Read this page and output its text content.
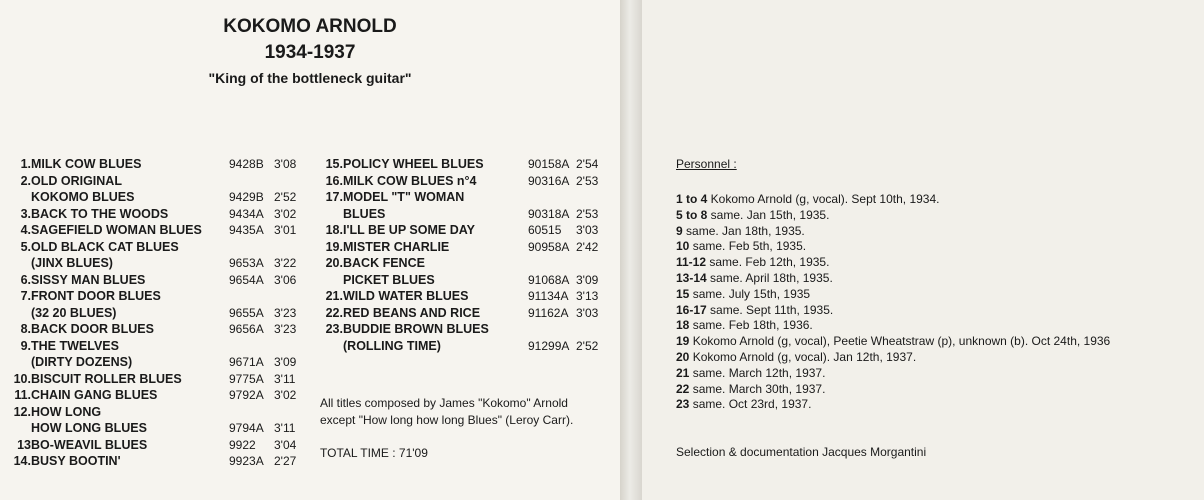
KOKOMO ARNOLD
1934-1937
"King of the bottleneck guitar"
1. MILK COW BLUES	9428B 3'08
2. OLD ORIGINAL
KOKOMO BLUES	9429B 2'52
3. BACK TO THE WOODS	9434A 3'02
4. SAGEFIELD WOMAN BLUES 9435A 3'01
5. OLD BLACK CAT BLUES
(JINX BLUES)	9653A 3'22
6. SISSY MAN BLUES	9654A 3'06
7. FRONT DOOR BLUES
(32 20 BLUES)	9655A 3'23
8. BACK DOOR BLUES	9656A 3'23
9. THE TWELVES
(DIRTY DOZENS)	9671A 3'09
10. BISCUIT ROLLER BLUES	9775A 3'11
11. CHAIN GANG BLUES	9792A 3'02
12. HOW LONG
HOW LONG BLUES	9794A 3'11
13 BO-WEAVIL BLUES	9922 3'04
14. BUSY BOOTIN'	9923A 2'27
15. POLICY WHEEL BLUES	90158A 2'54
16. MILK COW BLUES n°4	90316A 2'53
17. MODEL "T" WOMAN
BLUES	90318A 2'53
18. I'LL BE UP SOME DAY	60515 3'03
19. MISTER CHARLIE	90958A 2'42
20. BACK FENCE
PICKET BLUES	91068A 3'09
21. WILD WATER BLUES	91134A 3'13
22. RED BEANS AND RICE	91162A 3'03
23. BUDDIE BROWN BLUES
(ROLLING TIME)	91299A 2'52
All titles composed by James "Kokomo" Arnold
except "How long how long Blues" (Leroy Carr).
TOTAL TIME : 71'09
Personnel :
1 to 4 Kokomo Arnold (g, vocal). Sept 10th, 1934.
5 to 8 same. Jan 15th, 1935.
9 same. Jan 18th, 1935.
10 same. Feb 5th, 1935.
11-12 same. Feb 12th, 1935.
13-14 same. April 18th, 1935.
15 same. July 15th, 1935
16-17 same. Sept 11th, 1935.
18 same. Feb 18th, 1936.
19 Kokomo Arnold (g, vocal), Peetie Wheatstraw (p), unknown (b). Oct 24th, 1936
20 Kokomo Arnold (g, vocal). Jan 12th, 1937.
21 same. March 12th, 1937.
22 same. March 30th, 1937.
23 same. Oct 23rd, 1937.
Selection & documentation Jacques Morgantini
